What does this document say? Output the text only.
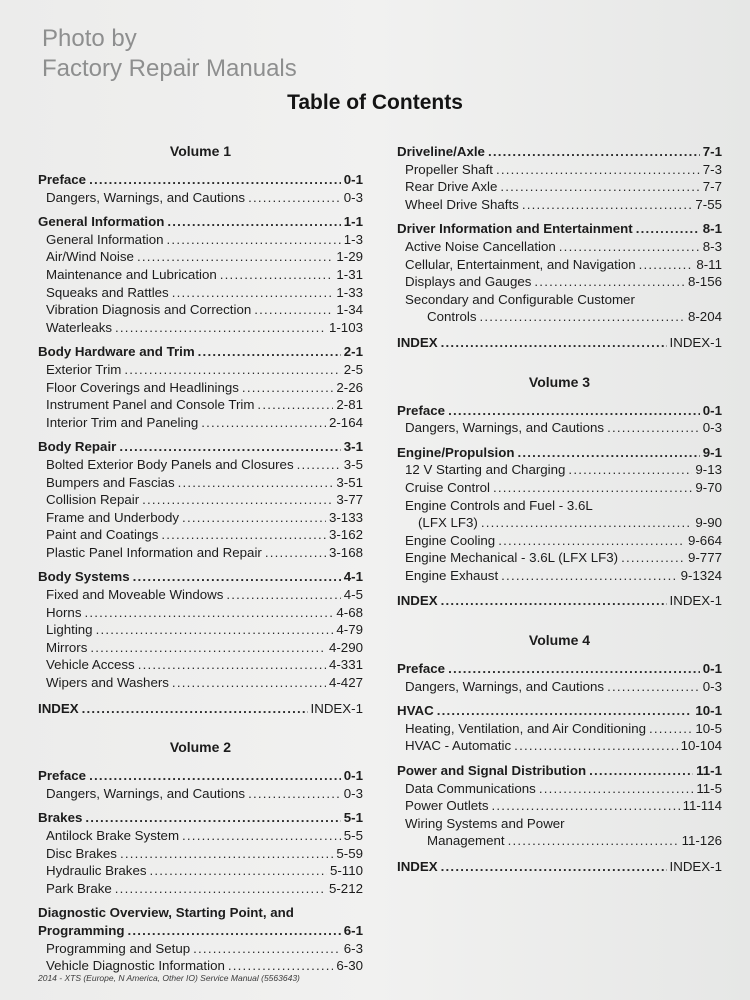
Photo by
Factory Repair Manuals
Table of Contents
Volume 1
Preface .....	0-1
Dangers, Warnings, and Cautions .....	0-3
General Information .....	1-1
General Information .....	1-3
Air/Wind Noise .....	1-29
Maintenance and Lubrication .....	1-31
Squeaks and Rattles .....	1-33
Vibration Diagnosis and Correction .....	1-34
Waterleaks .....	1-103
Body Hardware and Trim .....	2-1
Exterior Trim .....	2-5
Floor Coverings and Headlinings .....	2-26
Instrument Panel and Console Trim .....	2-81
Interior Trim and Paneling .....	2-164
Body Repair .....	3-1
Bolted Exterior Body Panels and Closures .....	3-5
Bumpers and Fascias .....	3-51
Collision Repair .....	3-77
Frame and Underbody .....	3-133
Paint and Coatings .....	3-162
Plastic Panel Information and Repair .....	3-168
Body Systems .....	4-1
Fixed and Moveable Windows .....	4-5
Horns .....	4-68
Lighting .....	4-79
Mirrors .....	4-290
Vehicle Access .....	4-331
Wipers and Washers .....	4-427
INDEX .....	INDEX-1
Volume 2
Preface .....	0-1
Dangers, Warnings, and Cautions .....	0-3
Brakes .....	5-1
Antilock Brake System .....	5-5
Disc Brakes .....	5-59
Hydraulic Brakes .....	5-110
Park Brake .....	5-212
Diagnostic Overview, Starting Point, and
Programming .....	6-1
Programming and Setup .....	6-3
Vehicle Diagnostic Information .....	6-30
Driveline/Axle .....	7-1
Propeller Shaft .....	7-3
Rear Drive Axle .....	7-7
Wheel Drive Shafts .....	7-55
Driver Information and Entertainment .....	8-1
Active Noise Cancellation .....	8-3
Cellular, Entertainment, and Navigation .....	8-11
Displays and Gauges .....	8-156
Secondary and Configurable Customer
Controls .....	8-204
INDEX .....	INDEX-1
Volume 3
Preface .....	0-1
Dangers, Warnings, and Cautions .....	0-3
Engine/Propulsion .....	9-1
12 V Starting and Charging .....	9-13
Cruise Control .....	9-70
Engine Controls and Fuel - 3.6L
(LFX LF3) .....	9-90
Engine Cooling .....	9-664
Engine Mechanical - 3.6L (LFX LF3) .....	9-777
Engine Exhaust .....	9-1324
INDEX .....	INDEX-1
Volume 4
Preface .....	0-1
Dangers, Warnings, and Cautions .....	0-3
HVAC .....	10-1
Heating, Ventilation, and Air Conditioning .....	10-5
HVAC - Automatic .....	10-104
Power and Signal Distribution .....	11-1
Data Communications .....	11-5
Power Outlets .....	11-114
Wiring Systems and Power
Management .....	11-126
INDEX .....	INDEX-1
2014 - XTS (Europe, N America, Other IO) Service Manual (5563643)
